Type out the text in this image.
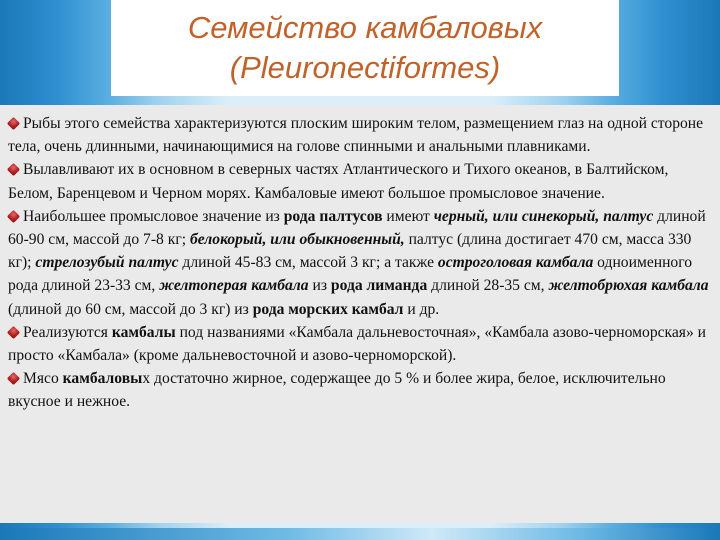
Семейство камбаловых
(Pleuronectiformes)

Рыбы этого семейства характеризуются плоским широким телом, размещением глаз на одной стороне тела, очень длинными, начинающимися на голове спинными и анальными плавниками.

Вылавливают их в основном в северных частях Атлантического и Тихого океанов, в Балтийском, Белом, Баренцевом и Черном морях. Камбаловые имеют большое промысловое значение.

Наибольшее промысловое значение из рода палтусов имеют черный, или синекорый, палтус длиной 60-90 см, массой до 7-8 кг; белокорый, или обыкновенный, палтус (длина достигает 470 см, масса 330 кг); стрелозубый палтус длиной 45-83 см, массой 3 кг; а также остроголовая камбала одноименного рода длиной 23-33 см, желтоперая камбала из рода лиманда длиной 28-35 см, желтобрюхая камбала (длиной до 60 см, массой до 3 кг) из рода морских камбал и др.

Реализуются камбалы под названиями «Камбала дальневосточная», «Камбала азово-черноморская» и просто «Камбала» (кроме дальневосточной и азово-черноморской).

Мясо камбаловых достаточно жирное, содержащее до 5 % и более жира, белое, исключительно вкусное и нежное.
